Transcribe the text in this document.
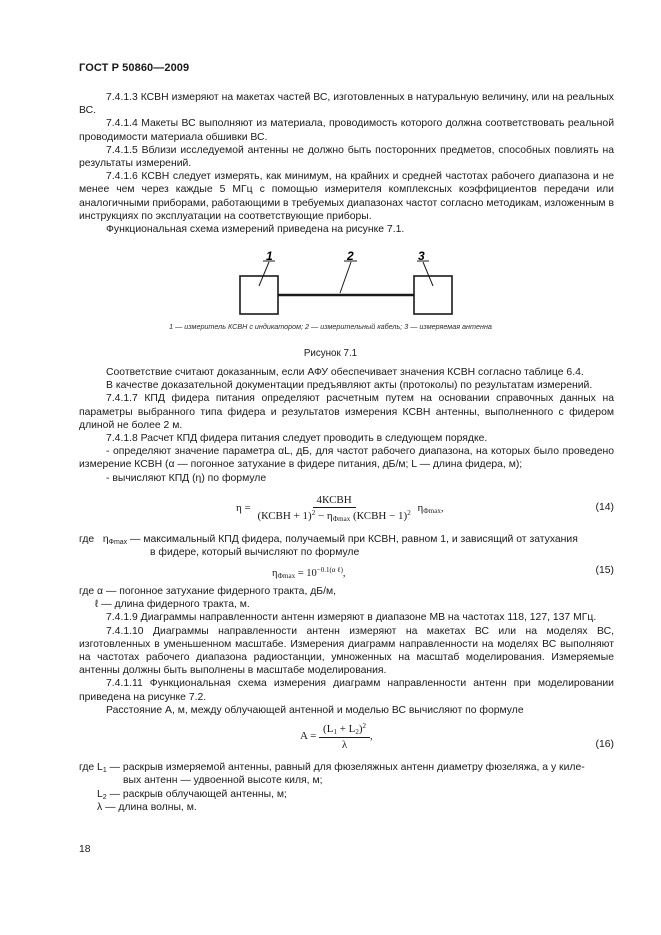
ГОСТ Р 50860—2009

7.4.1.3 КСВН измеряют на макетах частей ВС, изготовленных в натуральную величину, или на реальных ВС.

7.4.1.4 Макеты ВС выполняют из материала, проводимость которого должна соответствовать реальной проводимости материала обшивки ВС.

7.4.1.5 Вблизи исследуемой антенны не должно быть посторонних предметов, способных повлиять на результаты измерений.

7.4.1.6 КСВН следует измерять, как минимум, на крайних и средней частотах рабочего диапазона и не менее чем через каждые 5 МГц с помощью измерителя комплексных коэффициентов передачи или аналогичными приборами, работающими в требуемых диапазонах частот согласно методикам, изложенным в инструкциях по эксплуатации на соответствующие приборы.

Функциональная схема измерений приведена на рисунке 7.1.

1	2	3
1 — измеритель КСВН с индикатором; 2 — измерительный кабель; 3 — измеряемая антенна
Рисунок 7.1

Соответствие считают доказанным, если АФУ обеспечивает значения КСВН согласно таблице 6.4.

В качестве доказательной документации предъявляют акты (протоколы) по результатам измерений.

7.4.1.7 КПД фидера питания определяют расчетным путем на основании справочных данных на параметры выбранного типа фидера и результатов измерения КСВН антенны, выполненного с фидером длиной не более 2 м.

7.4.1.8 Расчет КПД фидера питания следует проводить в следующем порядке.

- определяют значение параметра αL, дБ, для частот рабочего диапазона, на которых было проведено измерение КСВН (α — погонное затухание в фидере питания, дБ/м; L — длина фидера, м);

- вычисляют КПД (η) по формуле

$\eta = \frac{\text{4КСВН}}{(КСВН + 1)^2 - \eta_{Фmax} (КСВН - 1)^2} \eta_{Фmax}$,	(14)
где $\eta_{Фmax}$ — максимальный КПД фидера, получаемый при КСВН, равном 1, и зависящий от затухания
в фидере, который вычисляют по формуле
$\eta_{Фmax} = 10^{-0.1(\alpha \ell)}$,	(15)

где α — погонное затухание фидерного тракта, дБ/м,

ℓ — длина фидерного тракта, м.

7.4.1.9 Диаграммы направленности антенн измеряют в диапазоне МВ на частотах 118, 127, 137 МГц.

7.4.1.10 Диаграммы направленности антенн измеряют на макетах ВС или на моделях ВС, изготовленных в уменьшенном масштабе. Измерения диаграмм направленности на моделях ВС выполняют на частотах рабочего диапазона радиостанции, умноженных на масштаб моделирования. Измеряемые антенны должны быть выполнены в масштабе моделирования.

7.4.1.11 Функциональная схема измерения диаграмм направленности антенн при моделировании приведена на рисунке 7.2.

Расстояние А, м, между облучающей антенной и моделью ВС вычисляют по формуле

$A = \frac{(L_1 + L_2)^2}{\lambda}$ ,
(16)
где $L_1$ — раскрыв измеряемой антенны, равный для фюзеляжных антенн диаметру фюзеляжа, а у киле-
вых антенн — удвоенной высоте киля, м;
$L_2$ — раскрыв облучающей антенны, м;
λ — длина волны, м.
18
